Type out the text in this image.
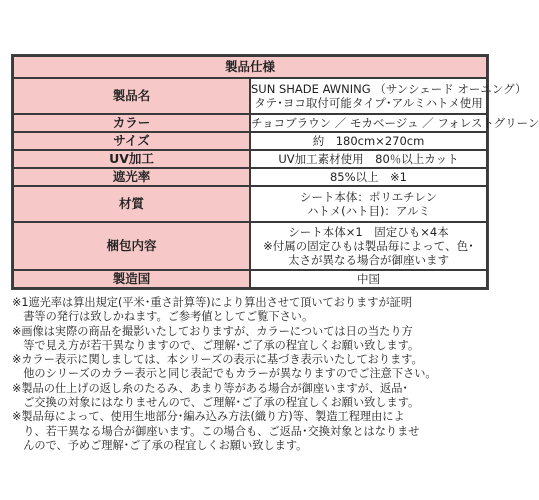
製品仕様	
製品名	SUN SHADE AWNING （サンシェード オーニング）
タテ･ヨコ取付可能タイプ･アルミハトメ使用

カラー	チョコブラウン ／ モカベージュ ／ フォレストグリーン

サイズ	約　180cm×270cm

UV加工	UV加工素材使用　80％以上カット

遮光率	85%以上　※1

材質	シート本体：ポリエチレン
ハトメ(ハト目)：アルミ

梱包内容	シート本体×1　固定ひも×4本
※付属の固定ひもは製品毎によって、色･
太さが異なる場合が御座います

製造国	中国
※1遮光率は算出規定(平米･重さ計算等)により算出させて頂いておりますが証明
　書等の発行は致しかねます。ご参考値としてご覧下さい。
※画像は実際の商品を撮影いたしておりますが、カラーについては日の当たり方
　等で見え方が若干異なりますので、ご理解･ご了承の程宜しくお願い致します。
※カラー表示に関しましては、本シリーズの表示に基づき表示いたしております。
　他のシリーズのカラー表示と同じ表記でもカラーが異なりますのでご注意下さい。
※製品の仕上げの返し糸のたるみ、あまり等がある場合が御座いますが、返品･
　ご交換の対象にはなりませんので、ご理解･ご了承の程宜しくお願い致します。
※製品毎によって、使用生地部分･編み込み方法(織り方)等、製造工程理由によ
　り、若干異なる場合が御座います。この場合も、ご返品･交換対象とはなりませ
　んので、予めご理解･ご了承の程宜しくお願い致します。
